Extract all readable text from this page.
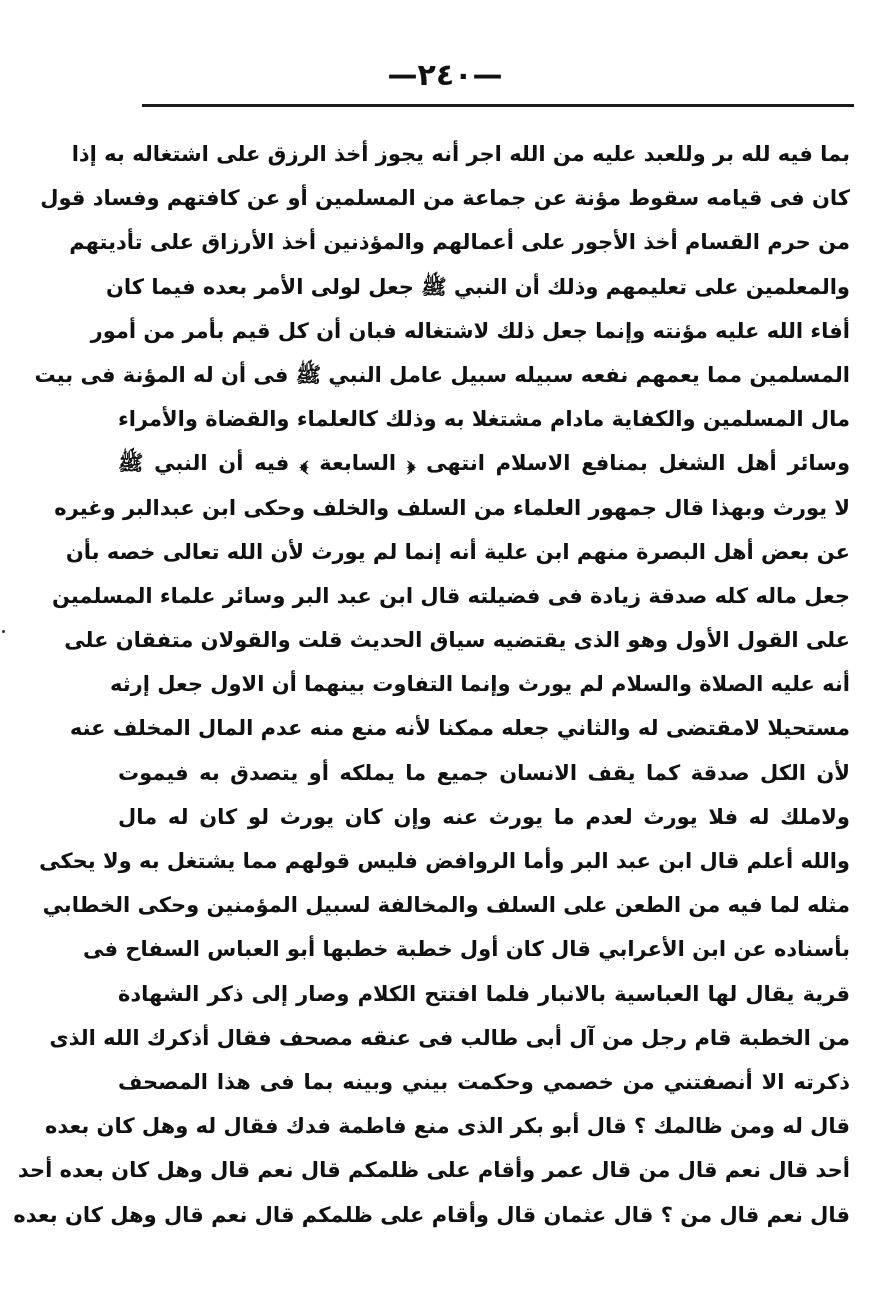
—٢٤٠—
بما فيه لله بر وللعبد عليه من الله اجر أنه يجوز أخذ الرزق على اشتغاله به إذا
كان فى قيامه سقوط مؤنة عن جماعة من المسلمين أو عن كافتهم وفساد قول
من حرم القسام أخذ الأجور على أعمالهم والمؤذنين أخذ الأرزاق على تأديتهم
والمعلمين على تعليمهم وذلك أن النبي ﷺ جعل لولى الأمر بعده فيما كان
أفاء الله عليه مؤنته وإنما جعل ذلك لاشتغاله فبان أن كل قيم بأمر من أمور
المسلمين مما يعمهم نفعه سبيله سبيل عامل النبي ﷺ فى أن له المؤنة فى بيت
مال المسلمين والكفاية مادام مشتغلا به وذلك كالعلماء والقضاة والأمراء
وسائر أهل الشغل بمنافع الاسلام انتهى ﴿ السابعة ﴾ فيه أن النبي ﷺ
لا يورث وبهذا قال جمهور العلماء من السلف والخلف وحكى ابن عبدالبر وغيره
عن بعض أهل البصرة منهم ابن علية أنه إنما لم يورث لأن الله تعالى خصه بأن
جعل ماله كله صدقة زيادة فى فضيلته قال ابن عبد البر وسائر علماء المسلمين
على القول الأول وهو الذى يقتضيه سياق الحديث قلت والقولان متفقان على
أنه عليه الصلاة والسلام لم يورث وإنما التفاوت بينهما أن الاول جعل إرثه
مستحيلا لامقتضى له والثاني جعله ممكنا لأنه منع منه عدم المال المخلف عنه
لأن الكل صدقة كما يقف الانسان جميع ما يملكه أو يتصدق به فيموت
ولاملك له فلا يورث لعدم ما يورث عنه وإن كان يورث لو كان له مال
والله أعلم قال ابن عبد البر وأما الروافض فليس قولهم مما يشتغل به ولا يحكى
مثله لما فيه من الطعن على السلف والمخالفة لسبيل المؤمنين وحكى الخطابي
بأسناده عن ابن الأعرابي قال كان أول خطبة خطبها أبو العباس السفاح فى
قرية يقال لها العباسية بالانبار فلما افتتح الكلام وصار إلى ذكر الشهادة
من الخطبة قام رجل من آل أبى طالب فى عنقه مصحف فقال أذكرك الله الذى
ذكرته الا أنصفتني من خصمي وحكمت بيني وبينه بما فى هذا المصحف
قال له ومن ظالمك ؟ قال أبو بكر الذى منع فاطمة فدك فقال له وهل كان بعده
أحد قال نعم قال من قال عمر وأقام على ظلمكم قال نعم قال وهل كان بعده أحد
قال نعم قال من ؟ قال عثمان قال وأقام على ظلمكم قال نعم قال وهل كان بعده
